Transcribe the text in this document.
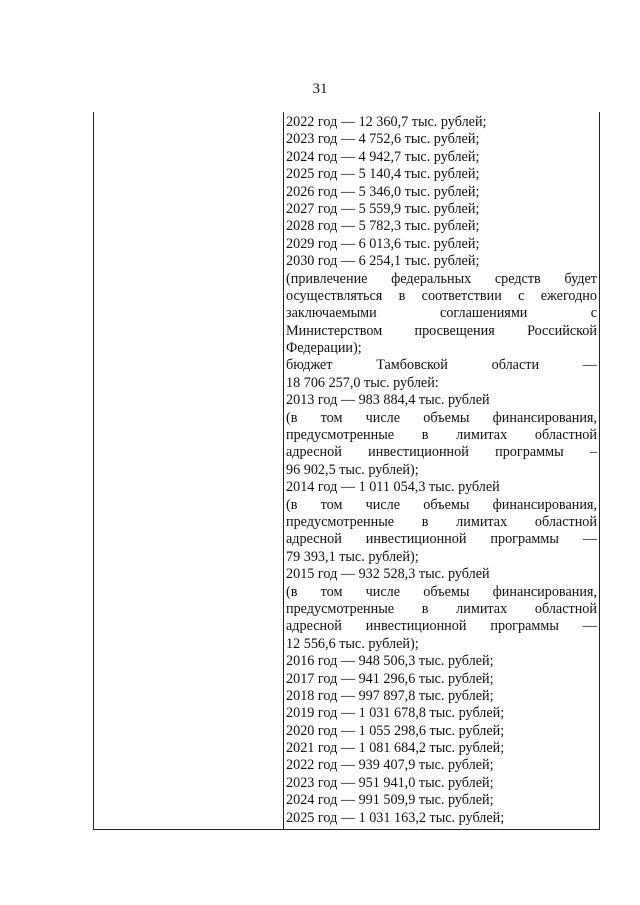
31
2022 год — 12 360,7 тыс. рублей;
2023 год — 4 752,6 тыс. рублей;
2024 год — 4 942,7 тыс. рублей;
2025 год — 5 140,4 тыс. рублей;
2026 год — 5 346,0 тыс. рублей;
2027 год — 5 559,9 тыс. рублей;
2028 год — 5 782,3 тыс. рублей;
2029 год — 6 013,6 тыс. рублей;
2030 год — 6 254,1 тыс. рублей;
(привлечение федеральных средств будет
осуществляться в соответствии с ежегодно
заключаемыми соглашениями с
Министерством просвещения Российской
Федерации);
бюджет Тамбовской области —
18 706 257,0 тыс. рублей:
2013 год — 983 884,4 тыс. рублей
(в том числе объемы финансирования,
предусмотренные в лимитах областной
адресной инвестиционной программы –
96 902,5 тыс. рублей);
2014 год — 1 011 054,3 тыс. рублей
(в том числе объемы финансирования,
предусмотренные в лимитах областной
адресной инвестиционной программы —
79 393,1 тыс. рублей);
2015 год — 932 528,3 тыс. рублей
(в том числе объемы финансирования,
предусмотренные в лимитах областной
адресной инвестиционной программы —
12 556,6 тыс. рублей);
2016 год — 948 506,3 тыс. рублей;
2017 год — 941 296,6 тыс. рублей;
2018 год — 997 897,8 тыс. рублей;
2019 год — 1 031 678,8 тыс. рублей;
2020 год — 1 055 298,6 тыс. рублей;
2021 год — 1 081 684,2 тыс. рублей;
2022 год — 939 407,9 тыс. рублей;
2023 год — 951 941,0 тыс. рублей;
2024 год — 991 509,9 тыс. рублей;
2025 год — 1 031 163,2 тыс. рублей;
